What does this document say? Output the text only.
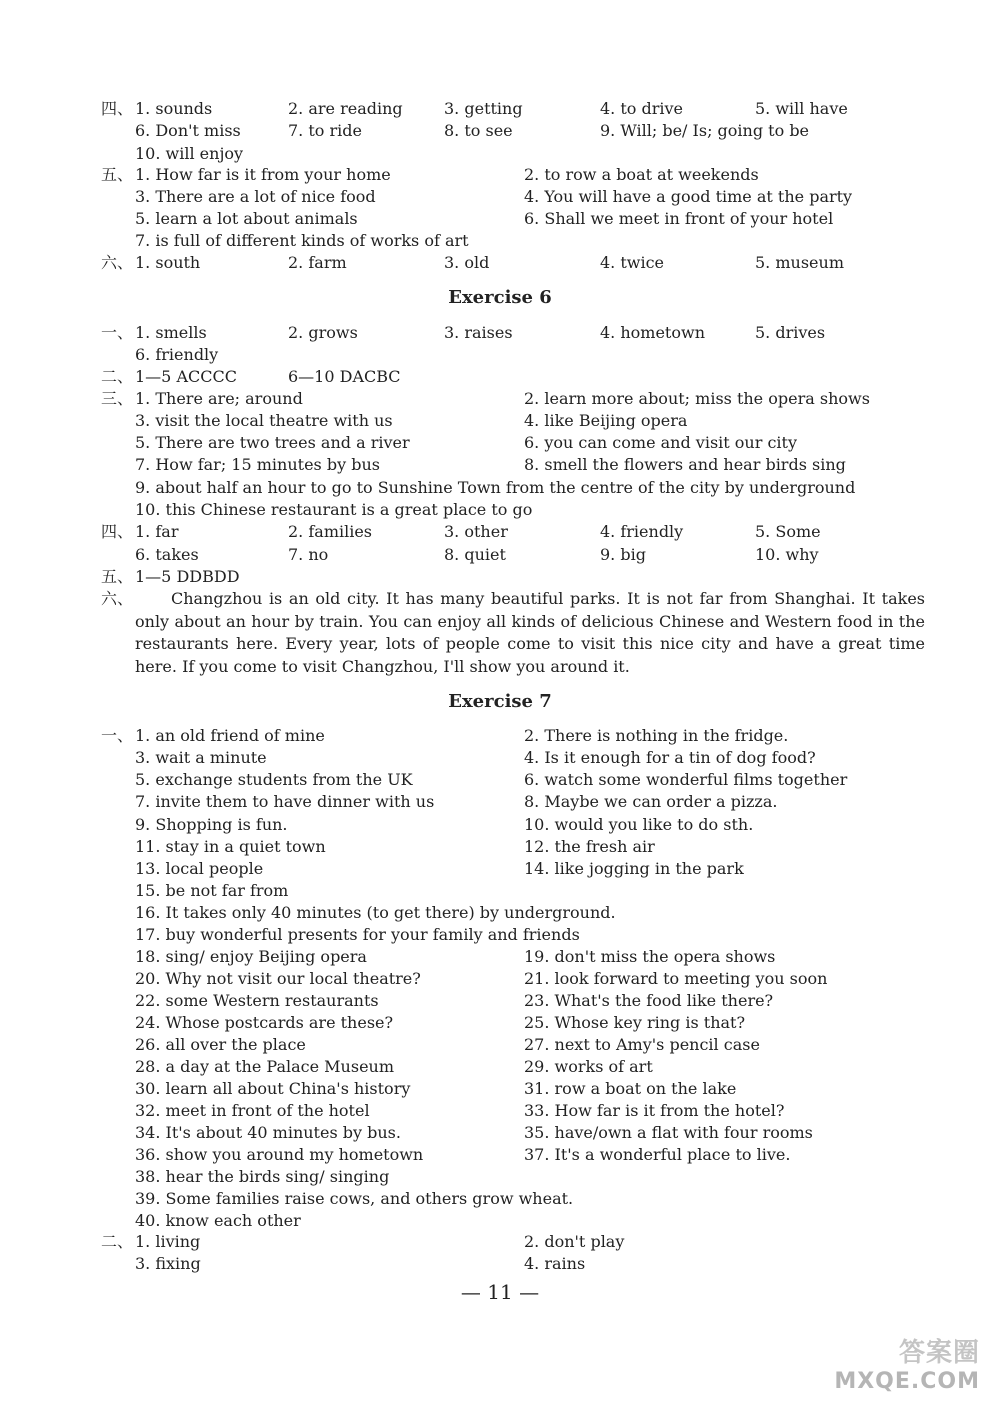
四、 1. sounds	2. are reading	3. getting	4. to drive	5. will have
6. Don't miss	7. to ride	8. to see	9. Will; be/ Is; going to be
10. will enjoy
五、 1. How far is it from your home	2. to row a boat at weekends
3. There are a lot of nice food	4. You will have a good time at the party
5. learn a lot about animals	6. Shall we meet in front of your hotel
7. is full of different kinds of works of art
六、 1. south	2. farm	3. old	4. twice	5. museum
Exercise 6
一、 1. smells	2. grows	3. raises	4. hometown	5. drives
6. friendly
二、 1—5 ACCCC	6—10 DACBC
三、 1. There are; around	2. learn more about; miss the opera shows
3. visit the local theatre with us	4. like Beijing opera
5. There are two trees and a river	6. you can come and visit our city
7. How far; 15 minutes by bus	8. smell the flowers and hear birds sing
9. about half an hour to go to Sunshine Town from the centre of the city by underground
10. this Chinese restaurant is a great place to go
四、 1. far	2. families	3. other	4. friendly	5. Some
6. takes	7. no	8. quiet	9. big	10. why
五、 1—5 DDBDD
六、	Changzhou is an old city. It has many beautiful parks. It is not far from Shanghai. It takes only about an hour by train. You can enjoy all kinds of delicious Chinese and Western food in the restaurants here. Every year, lots of people come to visit this nice city and have a great time here. If you come to visit Changzhou, I'll show you around it.
Exercise 7
一、 1. an old friend of mine	2. There is nothing in the fridge.
3. wait a minute	4. Is it enough for a tin of dog food?
5. exchange students from the UK	6. watch some wonderful films together
7. invite them to have dinner with us	8. Maybe we can order a pizza.
9. Shopping is fun.	10. would you like to do sth.
11. stay in a quiet town	12. the fresh air
13. local people	14. like jogging in the park
15. be not far from
16. It takes only 40 minutes (to get there) by underground.
17. buy wonderful presents for your family and friends
18. sing/ enjoy Beijing opera	19. don't miss the opera shows
20. Why not visit our local theatre?	21. look forward to meeting you soon
22. some Western restaurants	23. What's the food like there?
24. Whose postcards are these?	25. Whose key ring is that?
26. all over the place	27. next to Amy's pencil case
28. a day at the Palace Museum	29. works of art
30. learn all about China's history	31. row a boat on the lake
32. meet in front of the hotel	33. How far is it from the hotel?
34. It's about 40 minutes by bus.	35. have/own a flat with four rooms
36. show you around my hometown	37. It's a wonderful place to live.
38. hear the birds sing/ singing
39. Some families raise cows, and others grow wheat.
40. know each other
二、 1. living	2. don't play
3. fixing	4. rains
— 11 —
答案圈
MXQE.COM
